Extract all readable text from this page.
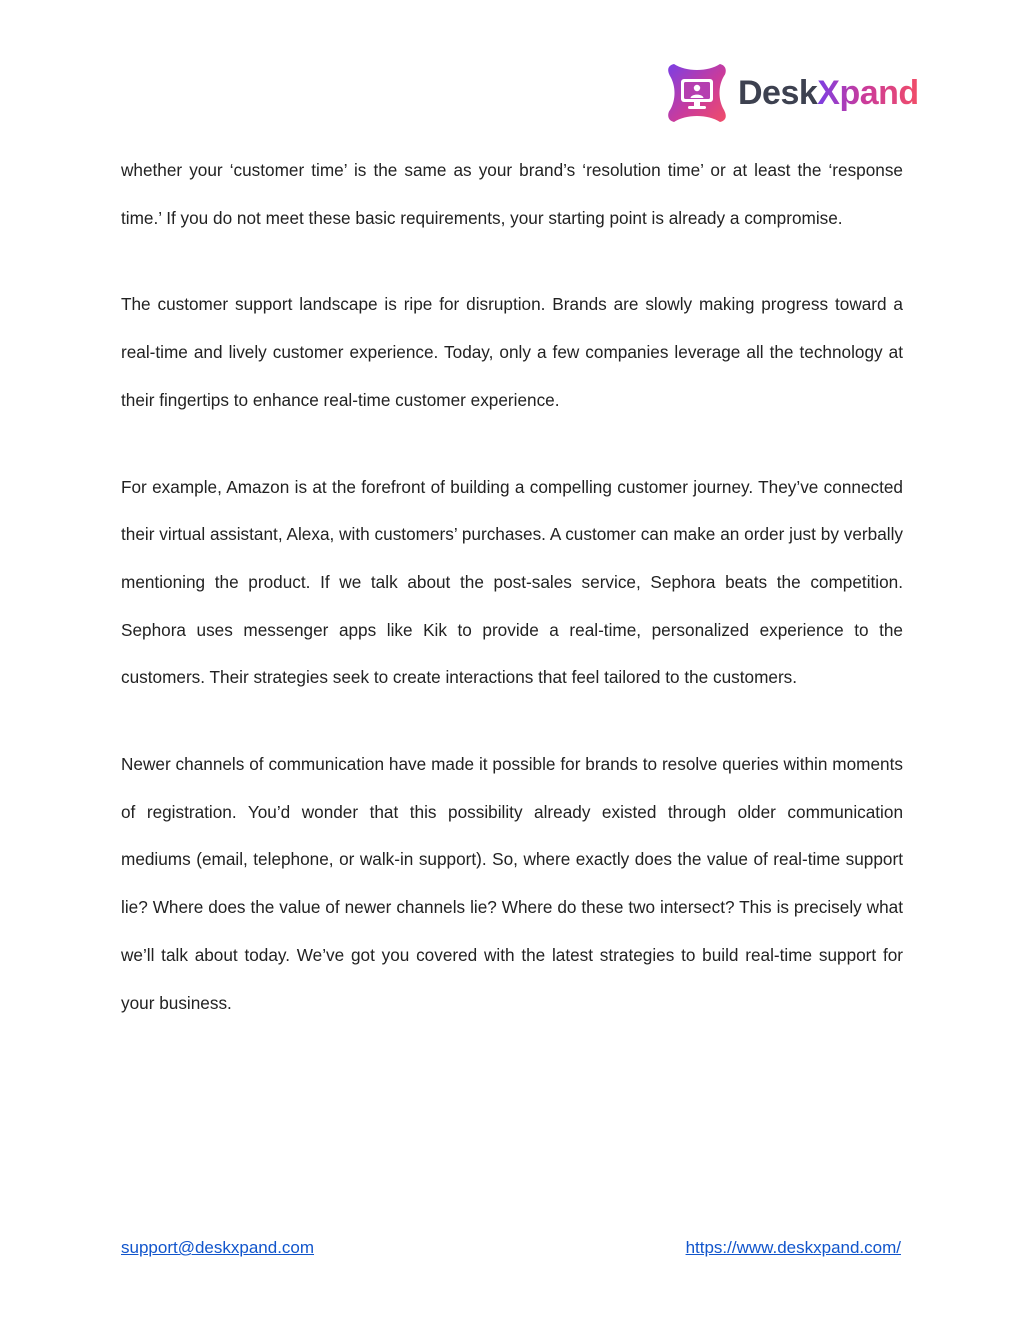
DeskXpand

whether your ‘customer time’ is the same as your brand’s ‘resolution time’ or at least the ‘response time.’ If you do not meet these basic requirements, your starting point is already a compromise.

The customer support landscape is ripe for disruption. Brands are slowly making progress toward a real-time and lively customer experience. Today, only a few companies leverage all the technology at their fingertips to enhance real-time customer experience.

For example, Amazon is at the forefront of building a compelling customer journey. They’ve connected their virtual assistant, Alexa, with customers’ purchases. A customer can make an order just by verbally mentioning the product. If we talk about the post-sales service, Sephora beats the competition. Sephora uses messenger apps like Kik to provide a real-time, personalized experience to the customers. Their strategies seek to create interactions that feel tailored to the customers.

Newer channels of communication have made it possible for brands to resolve queries within moments of registration. You’d wonder that this possibility already existed through older communication mediums (email, telephone, or walk-in support). So, where exactly does the value of real-time support lie? Where does the value of newer channels lie? Where do these two intersect? This is precisely what we’ll talk about today. We’ve got you covered with the latest strategies to build real-time support for your business.

support@deskxpand.com	https://www.deskxpand.com/
